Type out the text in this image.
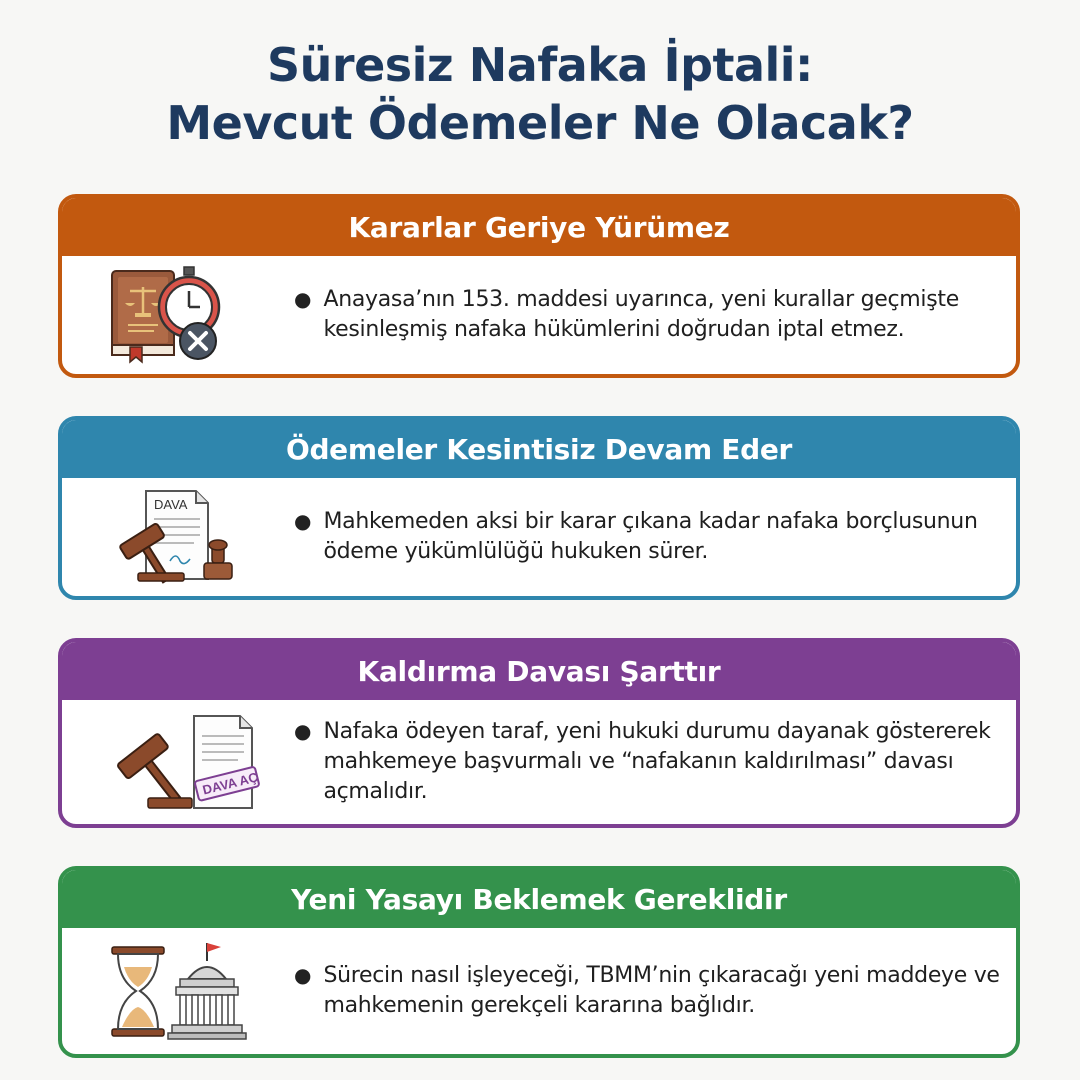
Süresiz Nafaka İptali:
Mevcut Ödemeler Ne Olacak?
Kararlar Geriye Yürümez
● Anayasa’nın 153. maddesi uyarınca, yeni kurallar geçmişte kesinleşmiş nafaka hükümlerini doğrudan iptal etmez.

Ödemeler Kesintisiz Devam Eder
DAVA
● Mahkemeden aksi bir karar çıkana kadar nafaka borçlusunun ödeme yükümlülüğü hukuken sürer.

Kaldırma Davası Şarttır
DAVA AÇ
● Nafaka ödeyen taraf, yeni hukuki durumu dayanak göstererek mahkemeye başvurmalı ve “nafakanın kaldırılması” davası açmalıdır.

Yeni Yasayı Beklemek Gereklidir
● Sürecin nasıl işleyeceği, TBMM’nin çıkaracağı yeni maddeye ve mahkemenin gerekçeli kararına bağlıdır.
